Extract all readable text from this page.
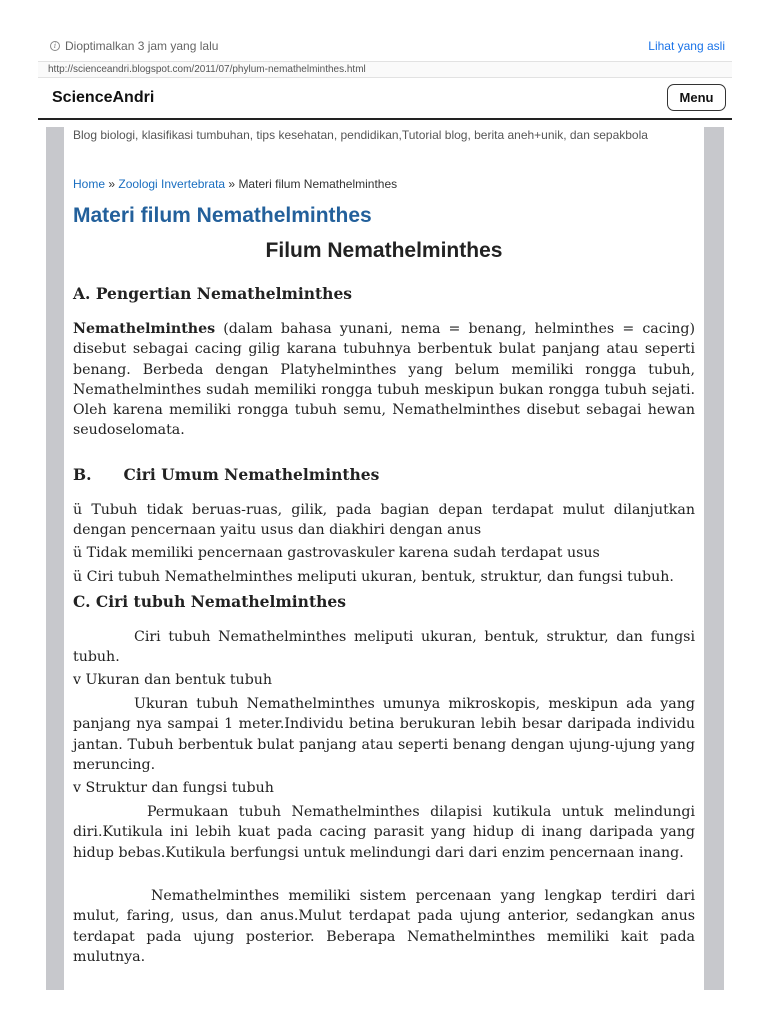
i Dioptimalkan 3 jam yang lalu	Lihat yang asli
http://scienceandri.blogspot.com/2011/07/phylum-nemathelminthes.html
ScienceAndri	Menu
Blog biologi, klasifikasi tumbuhan, tips kesehatan, pendidikan,Tutorial blog, berita aneh+unik, dan sepakbola
Home » Zoologi Invertebrata » Materi filum Nemathelminthes
Materi filum Nemathelminthes
Filum Nemathelminthes
A. Pengertian Nemathelminthes

Nemathelminthes (dalam bahasa yunani, nema = benang, helminthes = cacing) disebut sebagai cacing gilig karana tubuhnya berbentuk bulat panjang atau seperti benang. Berbeda dengan Platyhelminthes yang belum memiliki rongga tubuh, Nemathelminthes sudah memiliki rongga tubuh meskipun bukan rongga tubuh sejati. Oleh karena memiliki rongga tubuh semu, Nemathelminthes disebut sebagai hewan seudoselomata.

B. Ciri Umum Nemathelminthes

ü Tubuh tidak beruas-ruas, gilik, pada bagian depan terdapat mulut dilanjutkan dengan pencernaan yaitu usus dan diakhiri dengan anus

ü Tidak memiliki pencernaan gastrovaskuler karena sudah terdapat usus
ü Ciri tubuh Nemathelminthes meliputi ukuran, bentuk, struktur, dan fungsi tubuh.
C. Ciri tubuh Nemathelminthes

Ciri tubuh Nemathelminthes meliputi ukuran, bentuk, struktur, dan fungsi tubuh.

v Ukuran dan bentuk tubuh

Ukuran tubuh Nemathelminthes umunya mikroskopis, meskipun ada yang panjang nya sampai 1 meter.Individu betina berukuran lebih besar daripada individu jantan. Tubuh berbentuk bulat panjang atau seperti benang dengan ujung-ujung yang meruncing.

v Struktur dan fungsi tubuh

Permukaan tubuh Nemathelminthes dilapisi kutikula untuk melindungi diri.Kutikula ini lebih kuat pada cacing parasit yang hidup di inang daripada yang hidup bebas.Kutikula berfungsi untuk melindungi dari dari enzim pencernaan inang.

Nemathelminthes memiliki sistem percenaan yang lengkap terdiri dari mulut, faring, usus, dan anus.Mulut terdapat pada ujung anterior, sedangkan anus terdapat pada ujung posterior. Beberapa Nemathelminthes memiliki kait pada mulutnya.
